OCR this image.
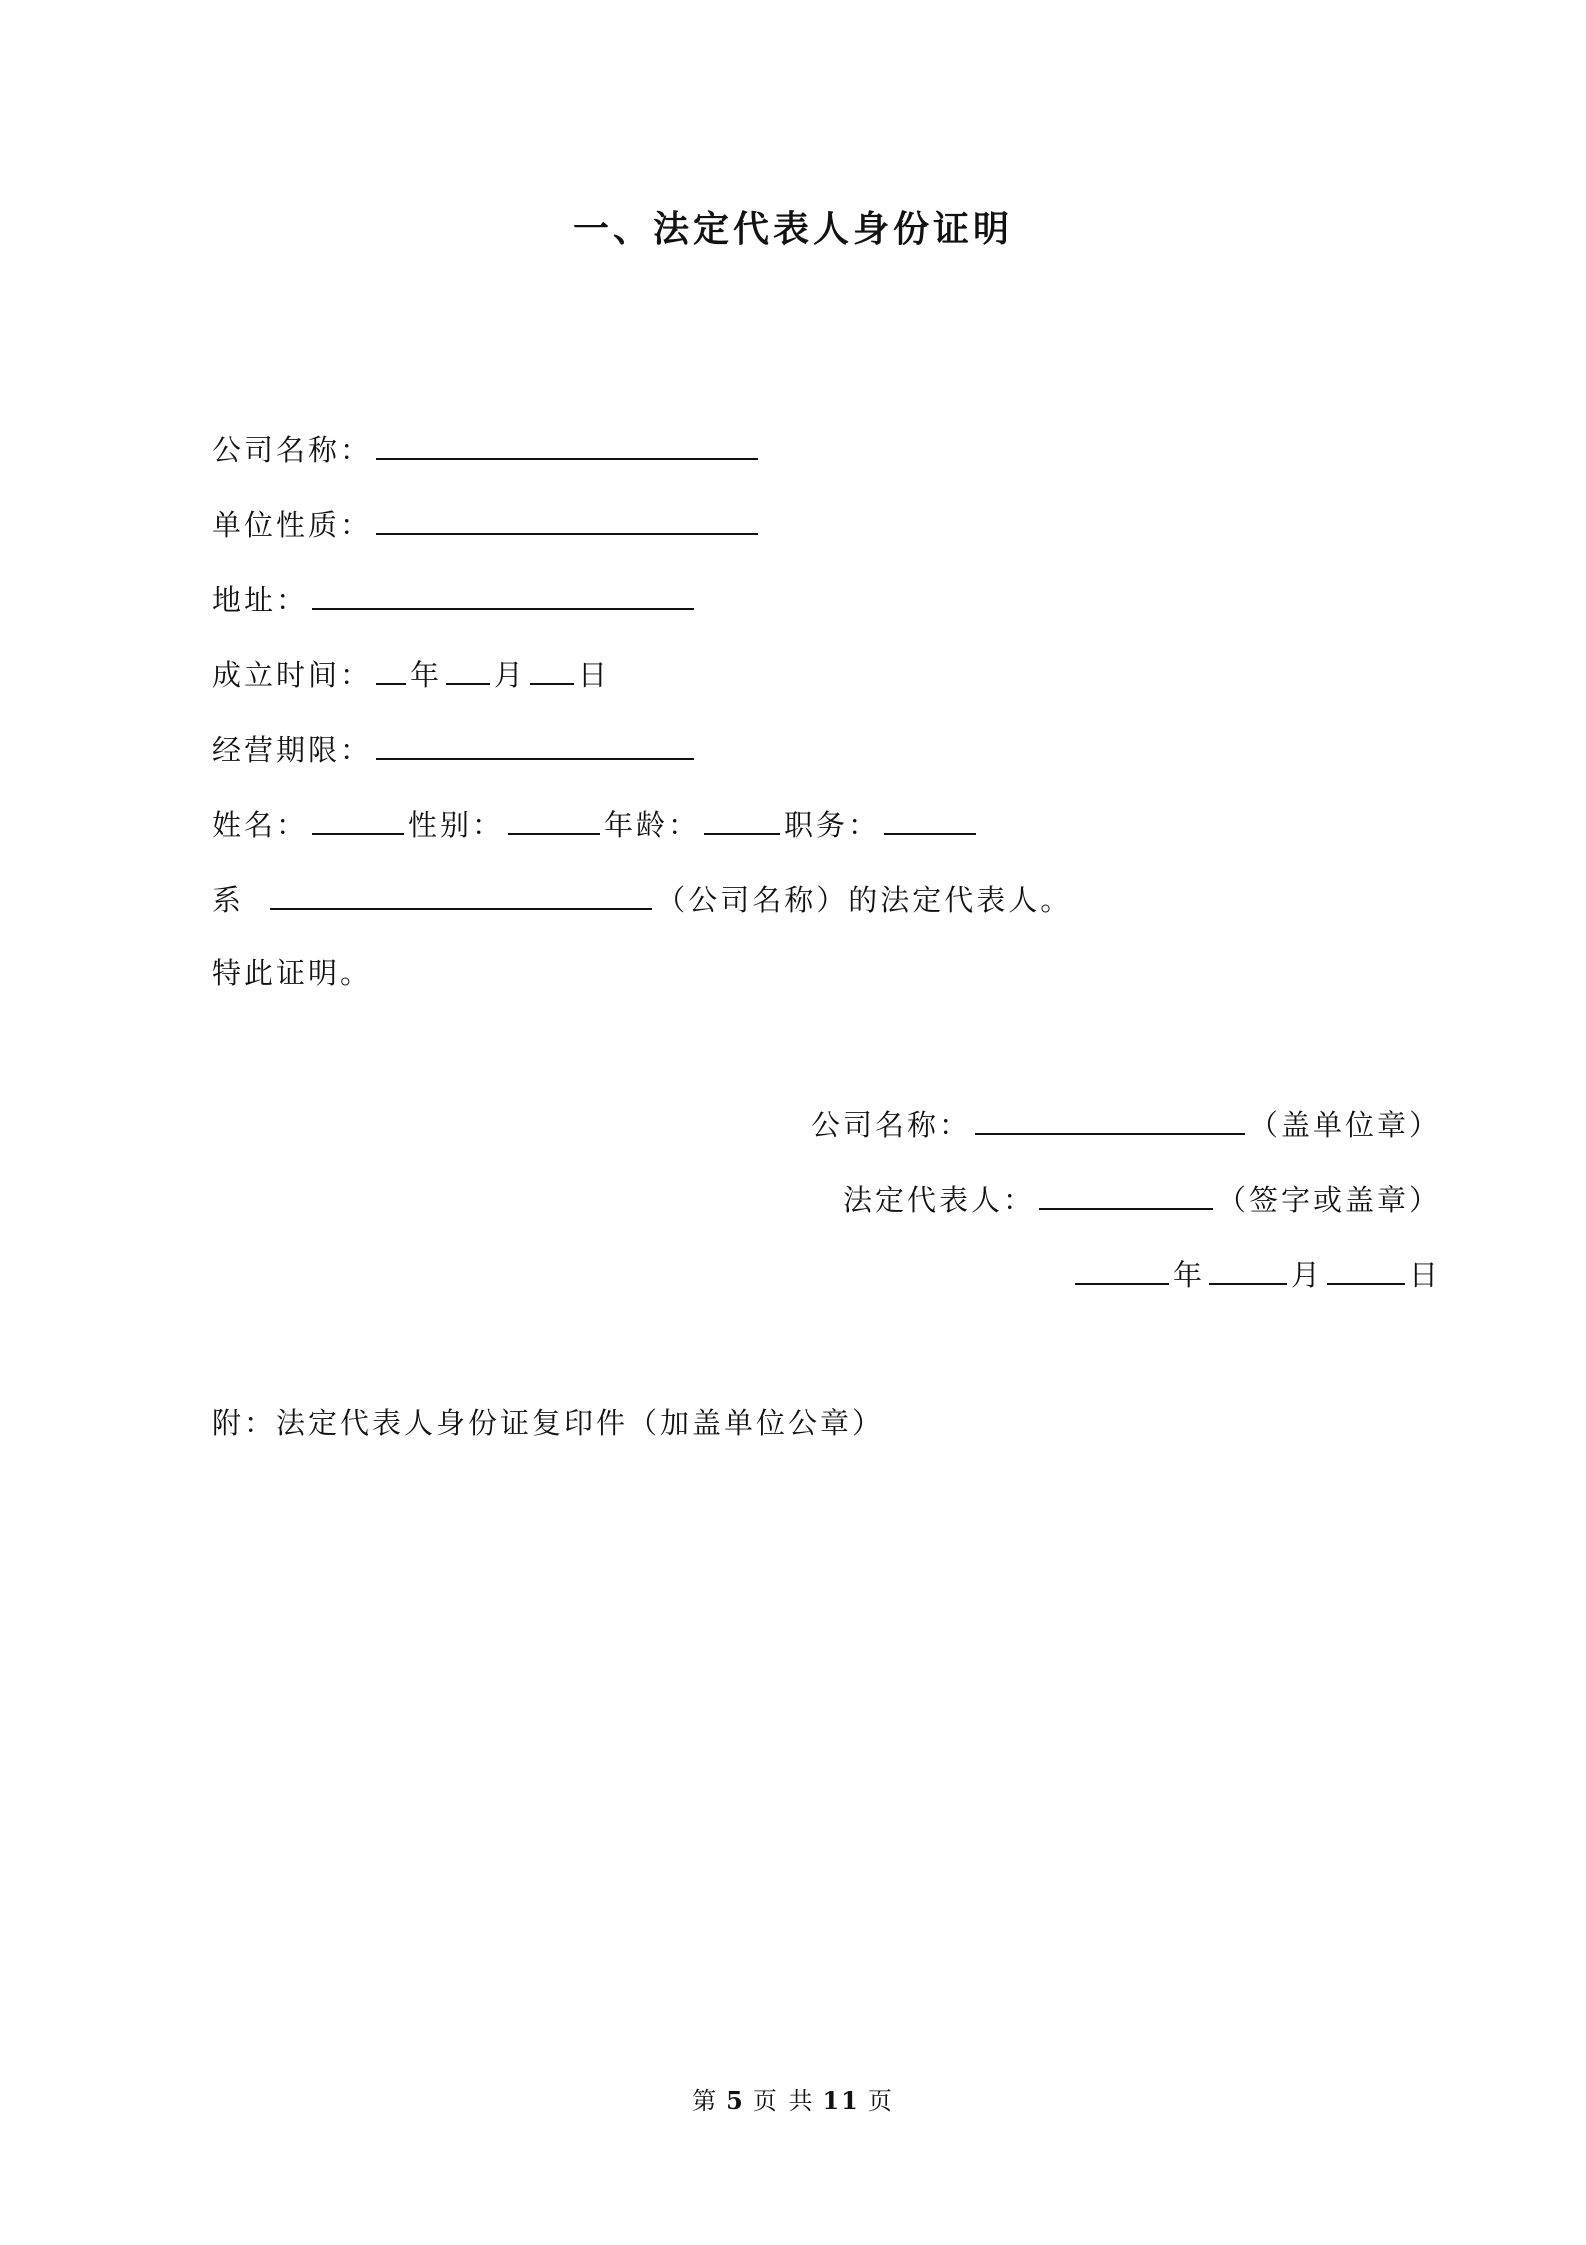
一、法定代表人身份证明
公司名称：
单位性质：
地址：
成立时间： 年 月 日
经营期限：
姓名：	性别：	年龄：	职务：
系	（公司名称）的法定代表人。
特此证明。
公司名称：	（盖单位章）
法定代表人：	（签字或盖章）
年	月	日
附：法定代表人身份证复印件（加盖单位公章）
第 5 页 共 11 页
